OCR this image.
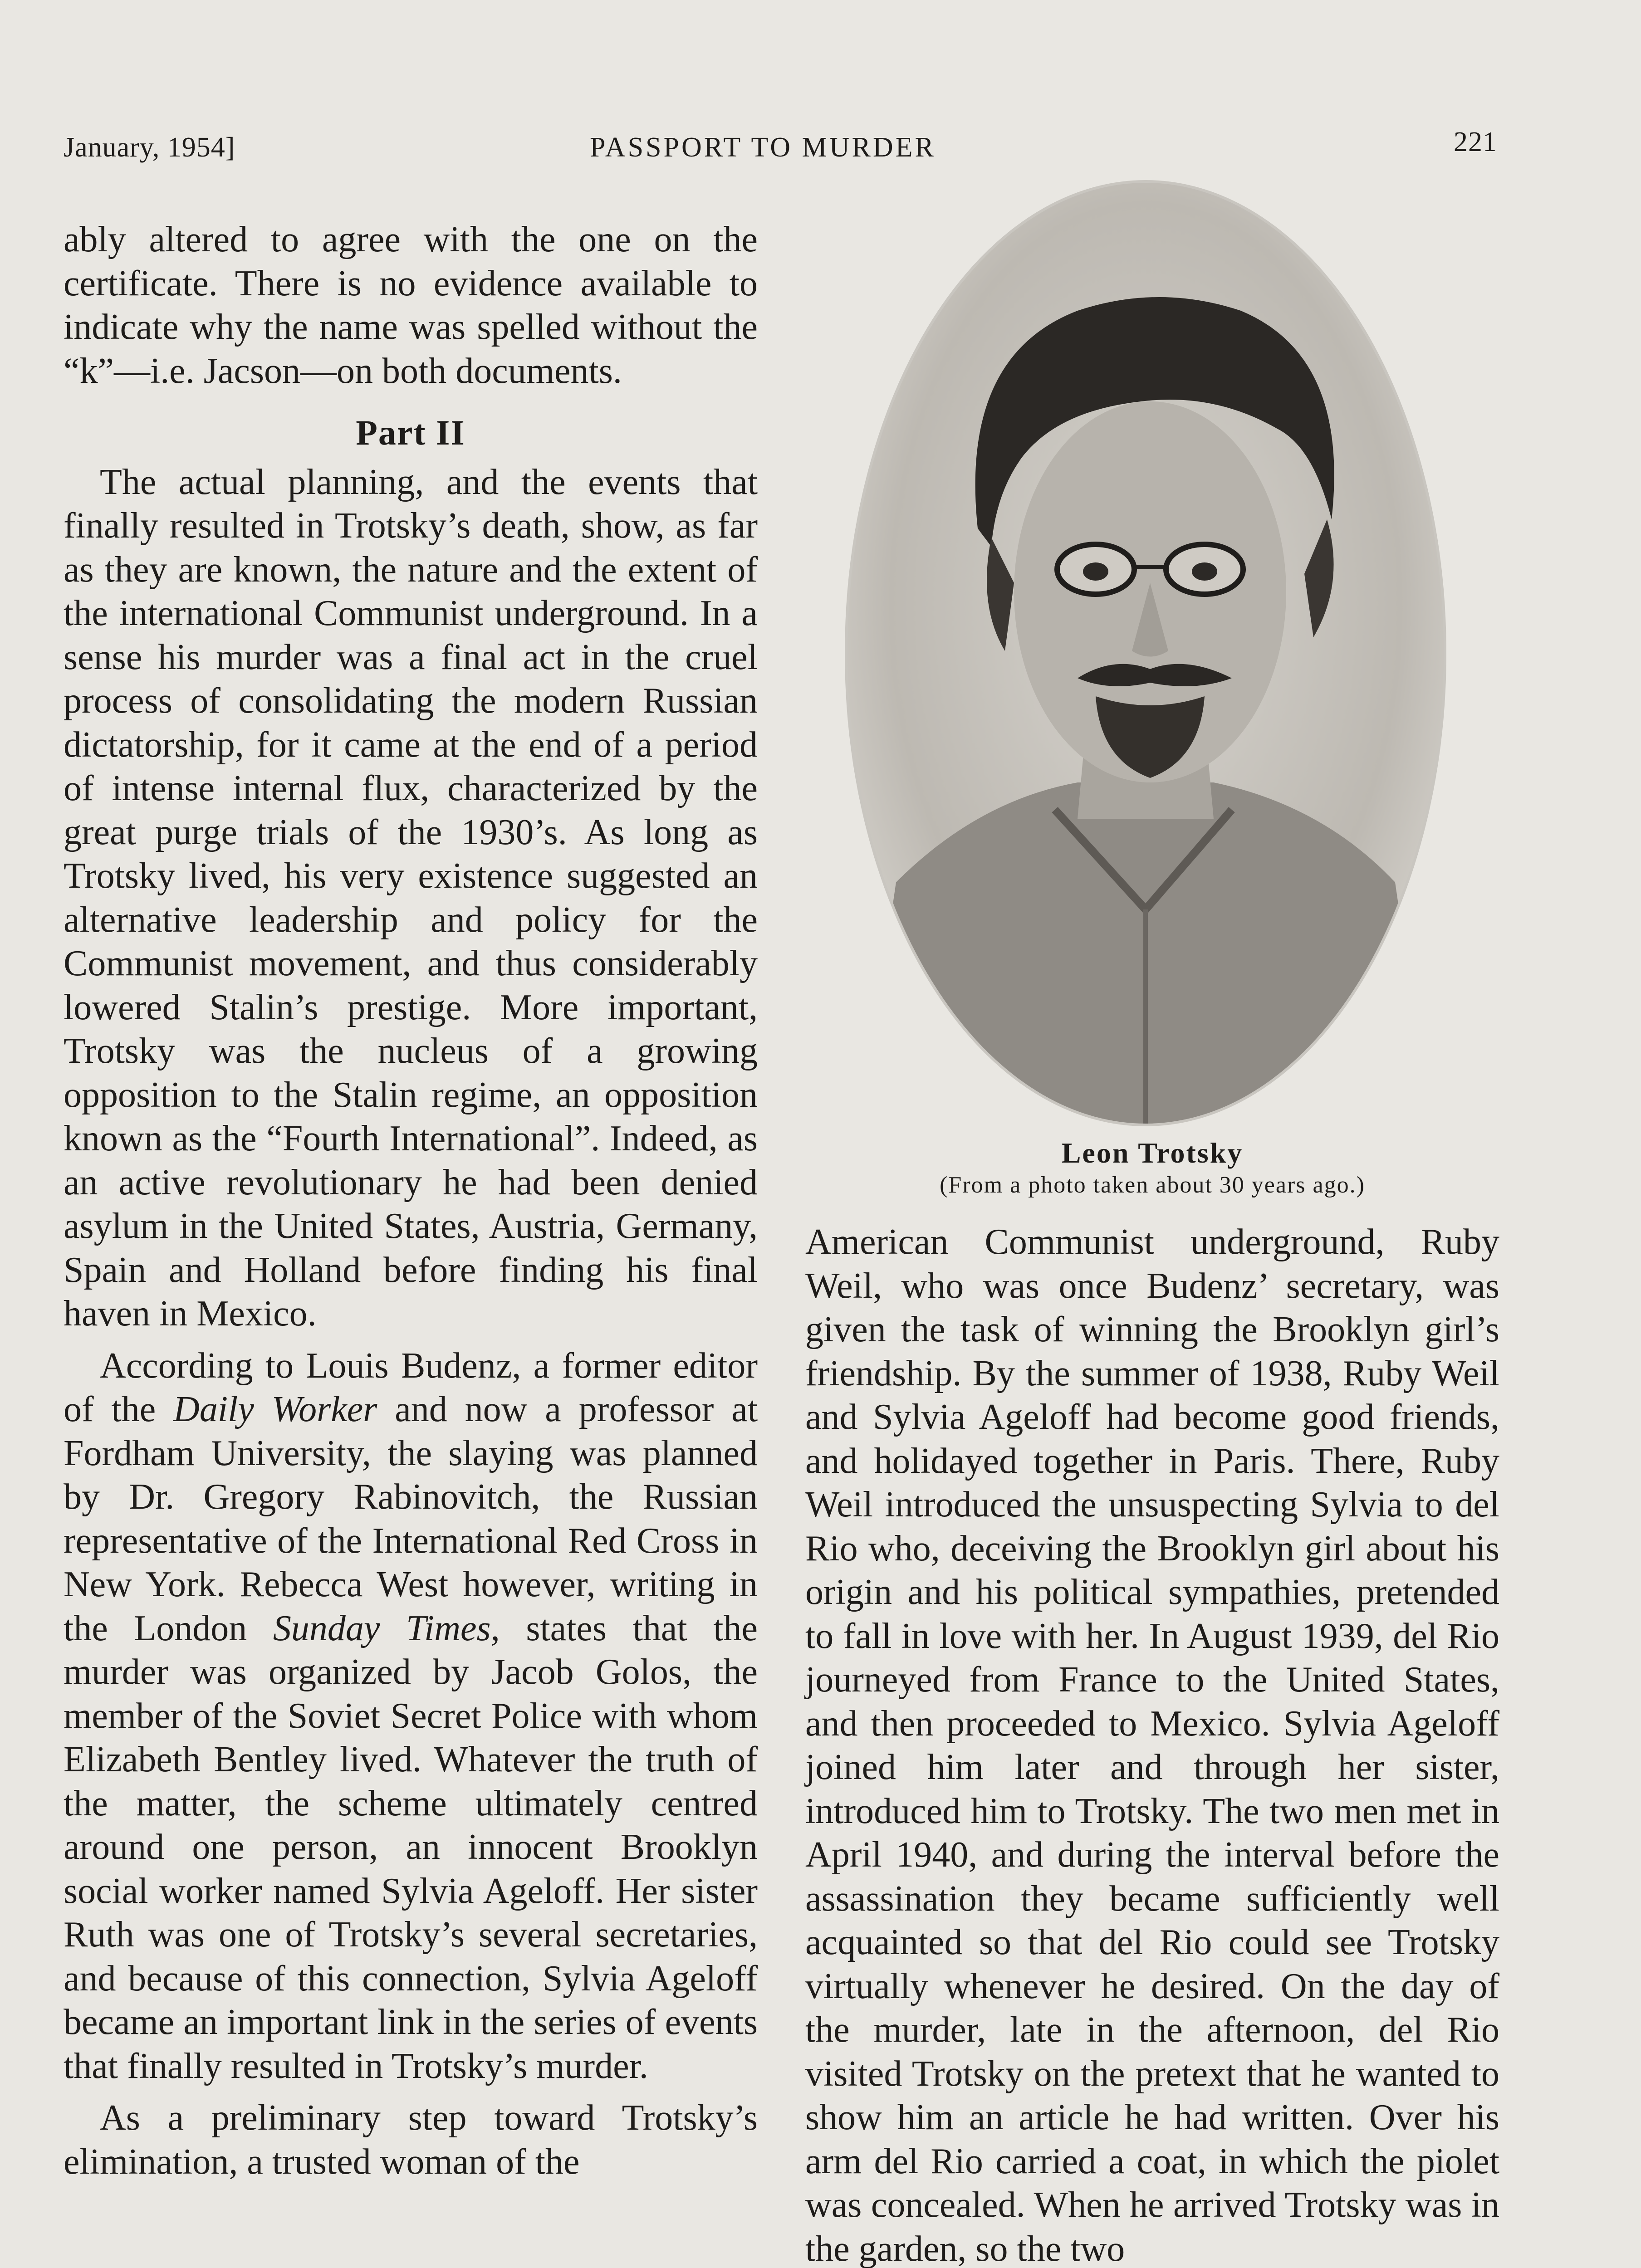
January, 1954]	PASSPORT TO MURDER	221

ably altered to agree with the one on the certificate. There is no evidence available to indicate why the name was spelled without the “k”—i.e. Jacson—on both documents.

Part II

The actual planning, and the events that finally resulted in Trotsky’s death, show, as far as they are known, the nature and the extent of the international Communist underground. In a sense his murder was a final act in the cruel process of consolidating the modern Russian dictatorship, for it came at the end of a period of intense internal flux, characterized by the great purge trials of the 1930’s. As long as Trotsky lived, his very existence suggested an alternative leadership and policy for the Communist movement, and thus considerably lowered Stalin’s prestige. More important, Trotsky was the nucleus of a growing opposition to the Stalin regime, an opposition known as the “Fourth International”. Indeed, as an active revolutionary he had been denied asylum in the United States, Austria, Germany, Spain and Holland before finding his final haven in Mexico.

According to Louis Budenz, a former editor of the Daily Worker and now a professor at Fordham University, the slaying was planned by Dr. Gregory Rabinovitch, the Russian representative of the International Red Cross in New York. Rebecca West however, writing in the London Sunday Times, states that the murder was organized by Jacob Golos, the member of the Soviet Secret Police with whom Elizabeth Bentley lived. Whatever the truth of the matter, the scheme ultimately centred around one person, an innocent Brooklyn social worker named Sylvia Ageloff. Her sister Ruth was one of Trotsky’s several secretaries, and because of this connection, Sylvia Ageloff became an important link in the series of events that finally resulted in Trotsky’s murder.

As a preliminary step toward Trotsky’s elimination, a trusted woman of the

Leon Trotsky
(From a photo taken about 30 years ago.)

American Communist underground, Ruby Weil, who was once Budenz’ secretary, was given the task of winning the Brooklyn girl’s friendship. By the summer of 1938, Ruby Weil and Sylvia Ageloff had become good friends, and holidayed together in Paris. There, Ruby Weil introduced the unsuspecting Sylvia to del Rio who, deceiving the Brooklyn girl about his origin and his political sympathies, pretended to fall in love with her. In August 1939, del Rio journeyed from France to the United States, and then proceeded to Mexico. Sylvia Ageloff joined him later and through her sister, introduced him to Trotsky. The two men met in April 1940, and during the interval before the assassination they became sufficiently well acquainted so that del Rio could see Trotsky virtually whenever he desired. On the day of the murder, late in the afternoon, del Rio visited Trotsky on the pretext that he wanted to show him an article he had written. Over his arm del Rio carried a coat, in which the piolet was concealed. When he arrived Trotsky was in the garden, so the two
